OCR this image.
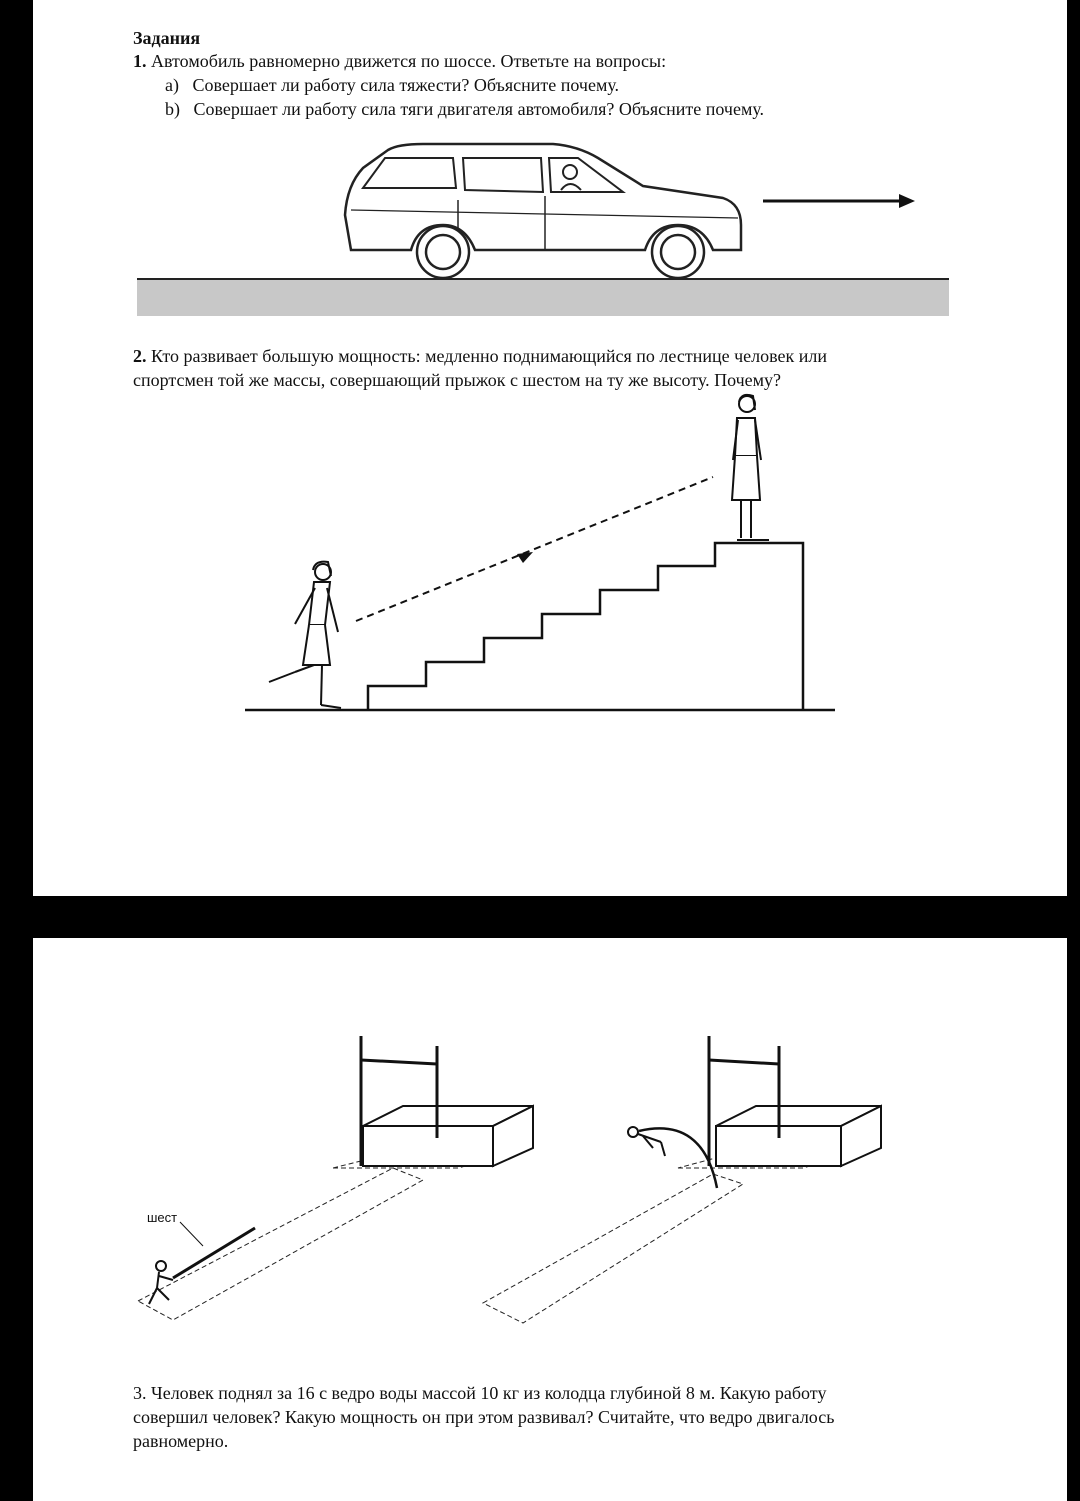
Задания
1. Автомобиль равномерно движется по шоссе. Ответьте на вопросы:
a) Совершает ли работу сила тяжести? Объясните почему.
b) Совершает ли работу сила тяги двигателя автомобиля? Объясните почему.
2. Кто развивает большую мощность: медленно поднимающийся по лестнице человек или
спортсмен той же массы, совершающий прыжок с шестом на ту же высоту. Почему?
шест
3. Человек поднял за 16 с ведро воды массой 10 кг из колодца глубиной 8 м. Какую работу
совершил человек? Какую мощность он при этом развивал? Считайте, что ведро двигалось
равномерно.
